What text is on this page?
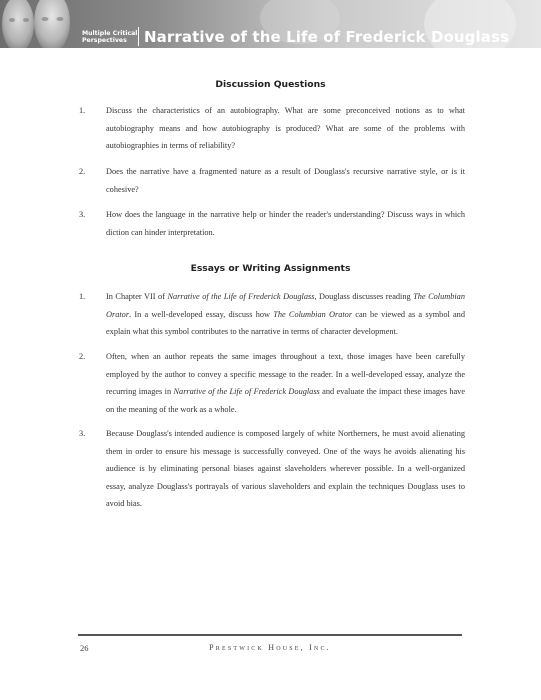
Multiple Critical
Perspectives	Narrative of the Life of Frederick Douglass
Discussion Questions
1.	Discuss the characteristics of an autobiography. What are some preconceived notions as to what autobiography means and how autobiography is produced? What are some of the problems with autobiographies in terms of reliability?
2.	Does the narrative have a fragmented nature as a result of Douglass's recursive narrative style, or is it cohesive?
3.	How does the language in the narrative help or hinder the reader's understanding? Discuss ways in which diction can hinder interpretation.
Essays or Writing Assignments
1.	In Chapter VII of Narrative of the Life of Frederick Douglass, Douglass discusses reading The Columbian Orator. In a well-developed essay, discuss how The Columbian Orator can be viewed as a symbol and explain what this symbol contributes to the narrative in terms of character development.
2.	Often, when an author repeats the same images throughout a text, those images have been carefully employed by the author to convey a specific message to the reader. In a well-developed essay, analyze the recurring images in Narrative of the Life of Frederick Douglass and evaluate the impact these images have on the meaning of the work as a whole.
3.	Because Douglass's intended audience is composed largely of white Northerners, he must avoid alienating them in order to ensure his message is successfully conveyed. One of the ways he avoids alienating his audience is by eliminating personal biases against slaveholders wherever possible. In a well-organized essay, analyze Douglass's portrayals of various slaveholders and explain the techniques Douglass uses to avoid bias.
26	Prestwick House, Inc.
